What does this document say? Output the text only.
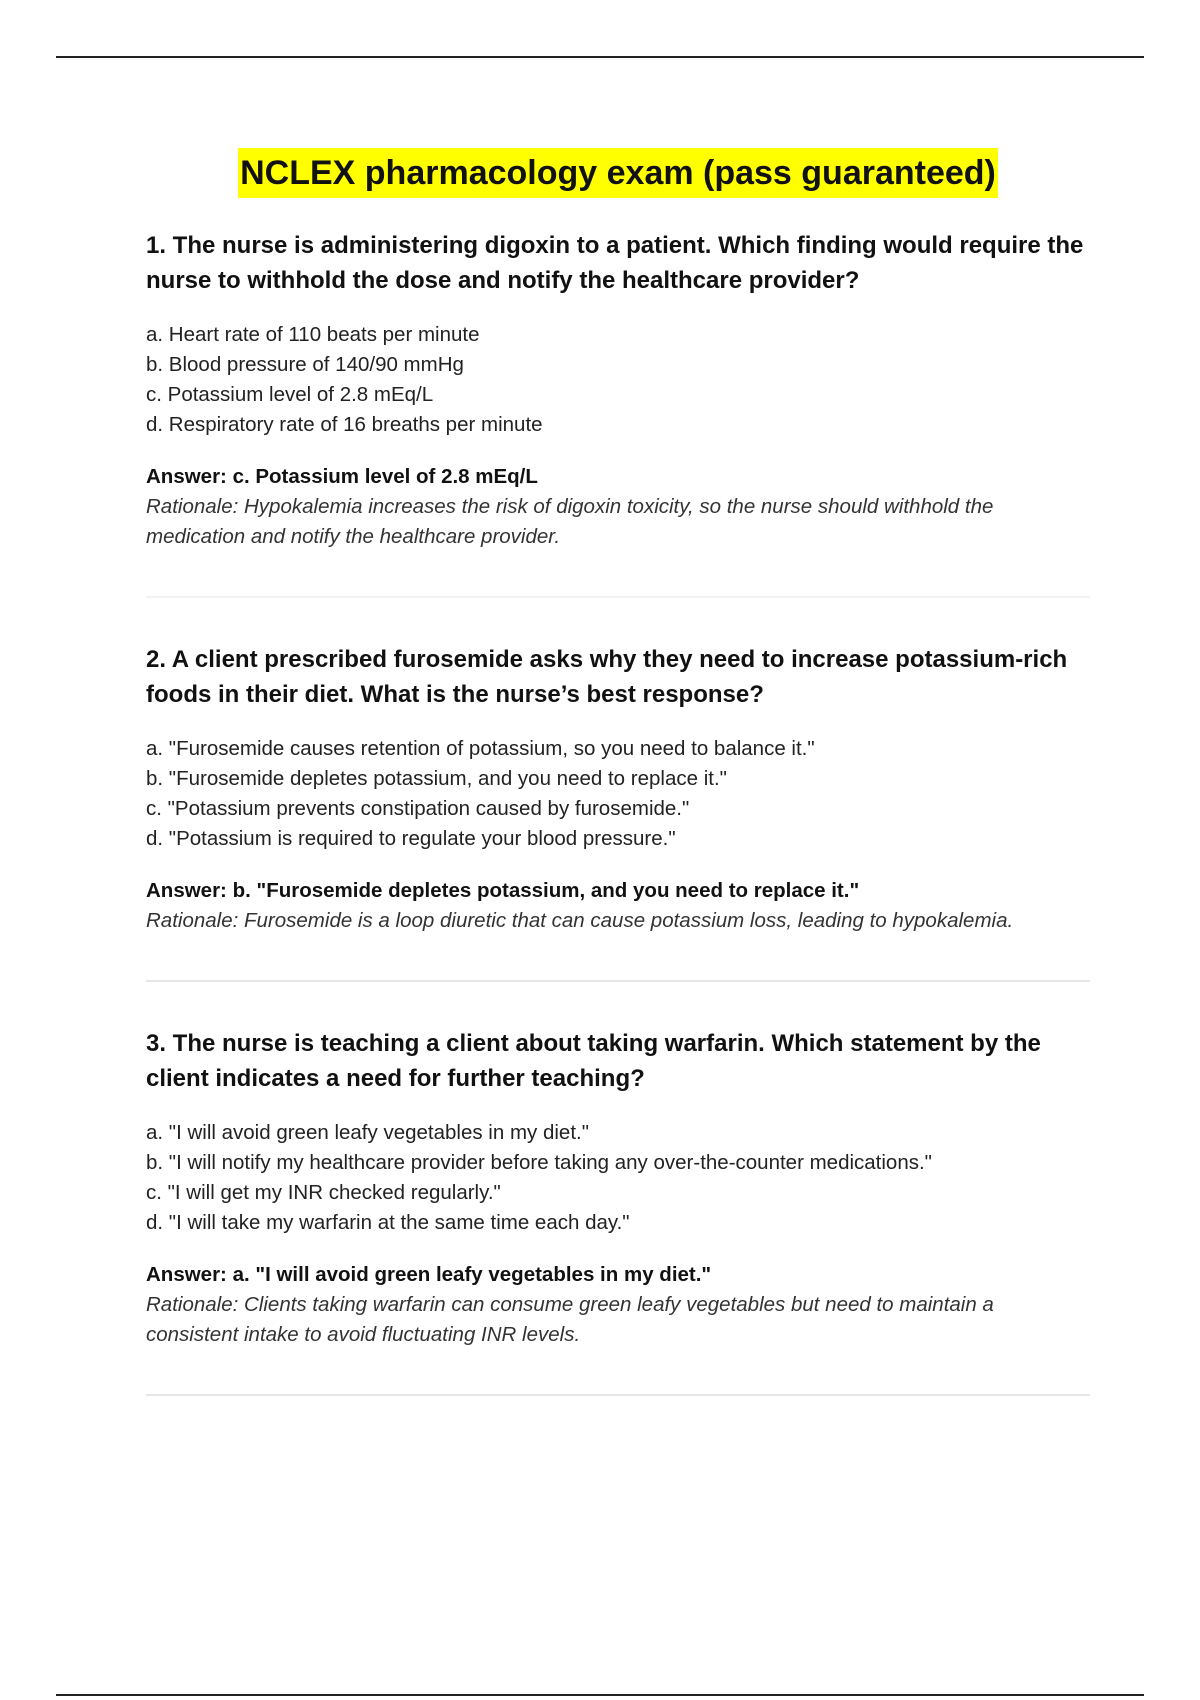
NCLEX pharmacology exam (pass guaranteed)

1. The nurse is administering digoxin to a patient. Which finding would require the nurse to withhold the dose and notify the healthcare provider?

a. Heart rate of 110 beats per minute
b. Blood pressure of 140/90 mmHg
c. Potassium level of 2.8 mEq/L
d. Respiratory rate of 16 breaths per minute

Answer: c. Potassium level of 2.8 mEq/L

Rationale: Hypokalemia increases the risk of digoxin toxicity, so the nurse should withhold the medication and notify the healthcare provider.

2. A client prescribed furosemide asks why they need to increase potassium-rich foods in their diet. What is the nurse’s best response?

a. "Furosemide causes retention of potassium, so you need to balance it."
b. "Furosemide depletes potassium, and you need to replace it."
c. "Potassium prevents constipation caused by furosemide."
d. "Potassium is required to regulate your blood pressure."

Answer: b. "Furosemide depletes potassium, and you need to replace it."

Rationale: Furosemide is a loop diuretic that can cause potassium loss, leading to hypokalemia.

3. The nurse is teaching a client about taking warfarin. Which statement by the client indicates a need for further teaching?

a. "I will avoid green leafy vegetables in my diet."
b. "I will notify my healthcare provider before taking any over-the-counter medications."
c. "I will get my INR checked regularly."
d. "I will take my warfarin at the same time each day."

Answer: a. "I will avoid green leafy vegetables in my diet."

Rationale: Clients taking warfarin can consume green leafy vegetables but need to maintain a consistent intake to avoid fluctuating INR levels.
